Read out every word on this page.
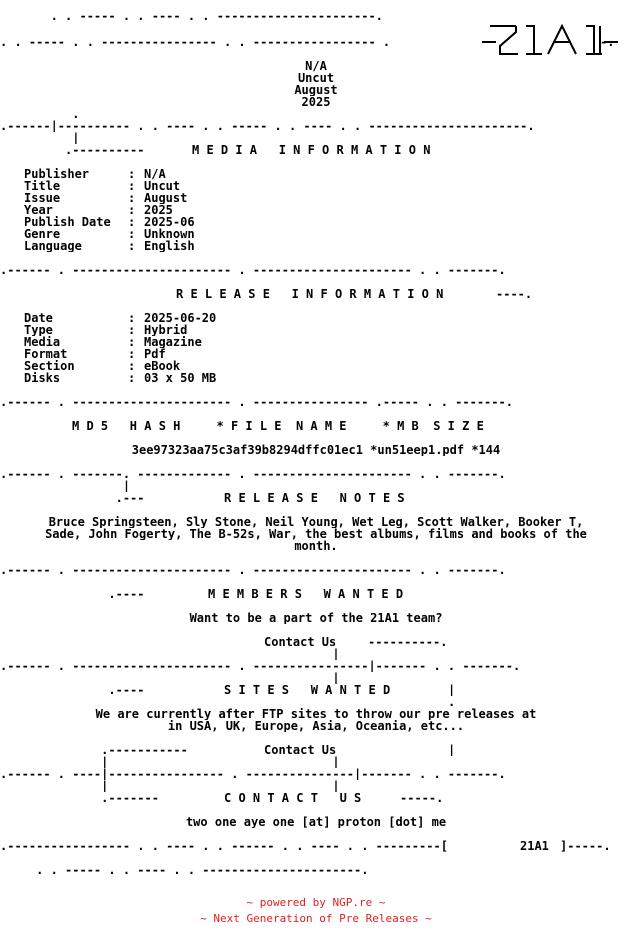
. . ----- . . ---- . . ----------------------.
. . ----- . . ---------------- . . ----------------- .	-.
N/A
Uncut
August
2025
.
.------|---------- . . ---- . . ----- . . ---- . . ----------------------.
|
.----------	M E D I A   I N F O R M A T I O N
Publisher	: N/A
Title	: Uncut
Issue	: August
Year	: 2025
Publish Date : 2025-06
Genre	: Unknown
Language	: English
.------ . ---------------------- . ---------------------- . . -------.
R E L E A S E   I N F O R M A T I O N	----.
Date	: 2025-06-20
Type	: Hybrid
Media	: Magazine
Format	: Pdf
Section	: eBook
Disks	: 03 x 50 MB
.------ . ---------------------- . ---------------- .----- . . -------.
M D 5   H A S H     * F I L E  N A M E     * M B  S I Z E
3ee97323aa75c3af39b8294dffc01ec1 *un51eep1.pdf *144
.------ . -------. ------------- . ---------------------- . . -------.
|
.---	R E L E A S E   N O T E S
Bruce Springsteen, Sly Stone, Neil Young, Wet Leg, Scott Walker, Booker T,
Sade, John Fogerty, The B-52s, War, the best albums, films and books of the
month.
.------ . ---------------------- . ---------------------- . . -------.
.----	M E M B E R S   W A N T E D
Want to be a part of the 21A1 team?
Contact Us	----------.
|
.------ . ---------------------- . ----------------|------- . . -------.
|
.----	S I T E S   W A N T E D	|
.
We are currently after FTP sites to throw our pre releases at
in USA, UK, Europe, Asia, Oceania, etc...
.-----------	Contact Us	|
|                               |
.------ . ----|---------------- . ---------------|------- . . -------.
|                               |
.-------	C O N T A C T   U S	-----.
two one aye one [at] proton [dot] me
.----------------- . . ---- . . ------ . . ---- . . ---------[	21A1 ]-----.
. . ----- . . ---- . . ----------------------.
~ powered by NGP.re ~
~ Next Generation of Pre Releases ~
